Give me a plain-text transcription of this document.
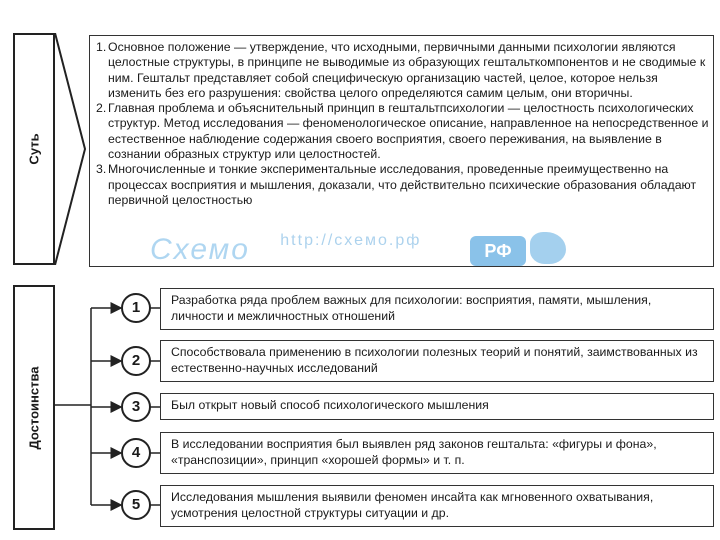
Суть
1. Основное положение — утверждение, что исходными, первичными данными психологии являются целостные структуры, в принципе не выводимые из образующих гештальткомпонентов и не сводимые к ним. Гештальт представляет собой специфическую организацию частей, целое, которое нельзя изменить без его разрушения: свойства целого определяются самим целым, они вторичны.
2. Главная проблема и объяснительный принцип в гештальтпсихологии — целостность психологических структур. Метод исследования — феноменологическое описание, направленное на непосредственное и естественное наблюдение содержания своего восприятия, своего переживания, на выявление в сознании образных структур или целостностей.
3. Многочисленные и тонкие экспериментальные исследования, проведенные преимущественно на процессах восприятия и мышления, доказали, что действительно психические образования обладают первичной целостностью
Схемо $^{http://схемо.рф}$
РФ
Достоинства
1
2
3
4
5
Разработка ряда проблем важных для психологии: восприятия, памяти, мышления, личности и межличностных отношений
Способствовала применению в психологии полезных теорий и понятий, заимствованных из естественно-научных исследований
Был открыт новый способ психологического мышления
В исследовании восприятия был выявлен ряд законов гештальта: «фигуры и фона», «транспозиции», принцип «хорошей формы» и т. п.
Исследования мышления выявили феномен инсайта как мгновенного охватывания, усмотрения целостной структуры ситуации и др.
